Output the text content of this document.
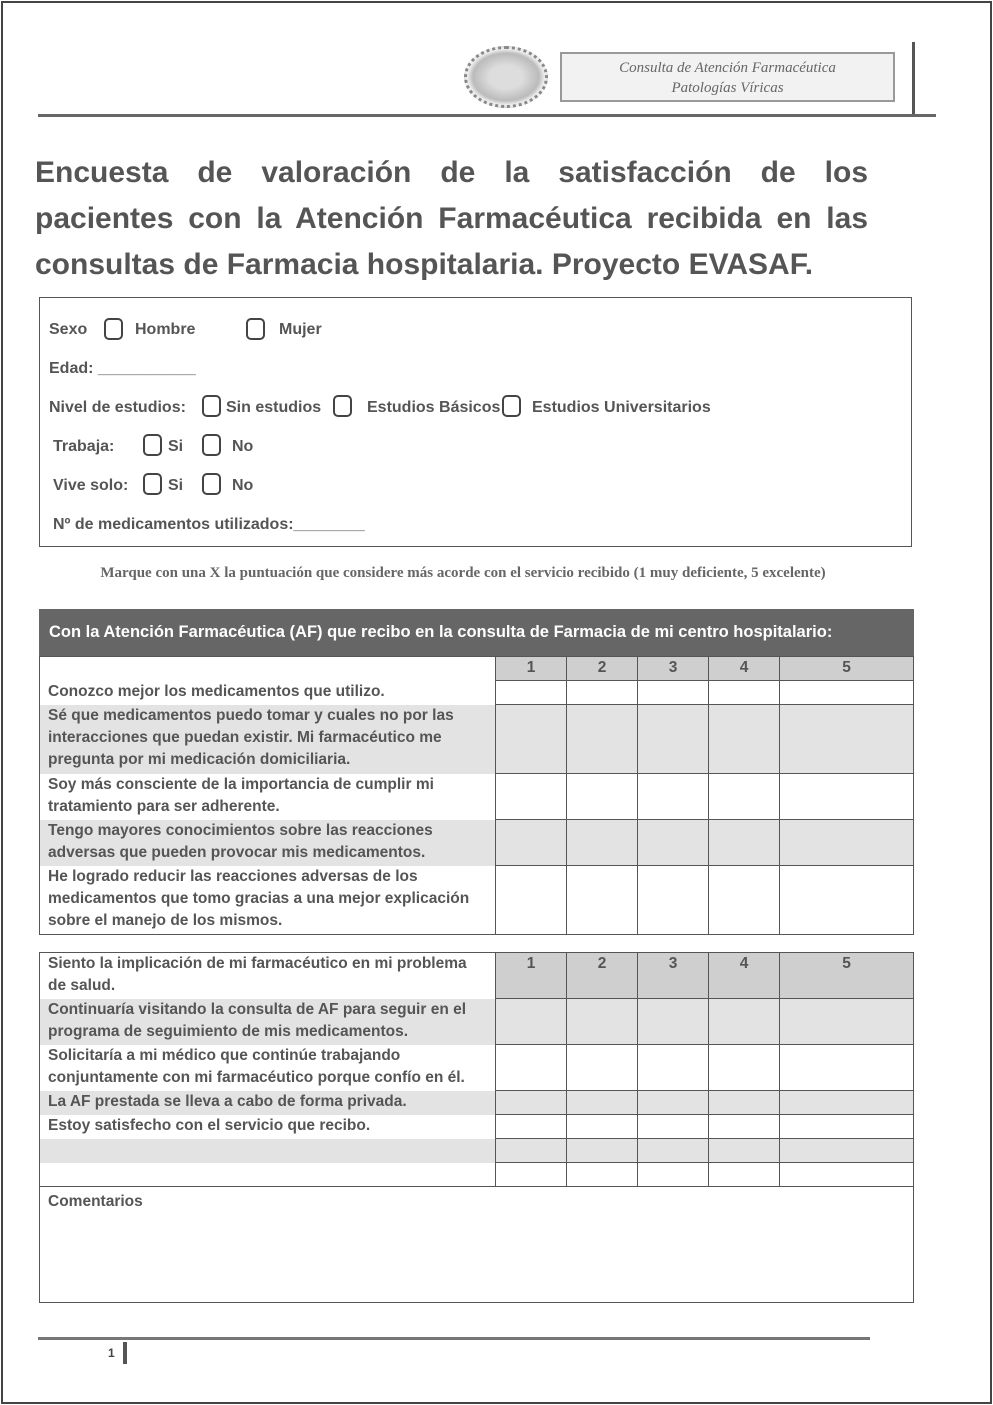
Consulta de Atención Farmacéutica
Patologías Víricas
Encuesta de valoración de la satisfacción de los pacientes con la Atención Farmacéutica recibida en las consultas de Farmacia hospitalaria. Proyecto EVASAF.
Sexo	Hombre	Mujer
Edad: ___________
Nivel de estudios:	Sin estudios	Estudios Básicos Estudios Universitarios
Trabaja:	Si	No
Vive solo: Si	No
Nº de medicamentos utilizados:________
Marque con una X la puntuación que considere más acorde con el servicio recibido (1 muy deficiente, 5 excelente)
Con la Atención Farmacéutica (AF) que recibo en la consulta de Farmacia de mi centro hospitalario:
	1	2	3	4	5
Conozco mejor los medicamentos que utilizo.					
Sé que medicamentos puedo tomar y cuales no por las interacciones que puedan existir. Mi farmacéutico me pregunta por mi medicación domiciliaria.					
Soy más consciente de la importancia de cumplir mi tratamiento para ser adherente.					
Tengo mayores conocimientos sobre las reacciones adversas que pueden provocar mis medicamentos.					
He logrado reducir las reacciones adversas de los medicamentos que tomo gracias a una mejor explicación sobre el manejo de los mismos.					
Siento la implicación de mi farmacéutico en mi problema de salud.	1	2	3	4	5
Continuaría visitando la consulta de AF para seguir en el programa de seguimiento de mis medicamentos.					
Solicitaría a mi médico que continúe trabajando conjuntamente con mi farmacéutico porque confío en él.					
La AF prestada se lleva a cabo de forma privada.					
Estoy satisfecho con el servicio que recibo.					

Comentarios					
1
